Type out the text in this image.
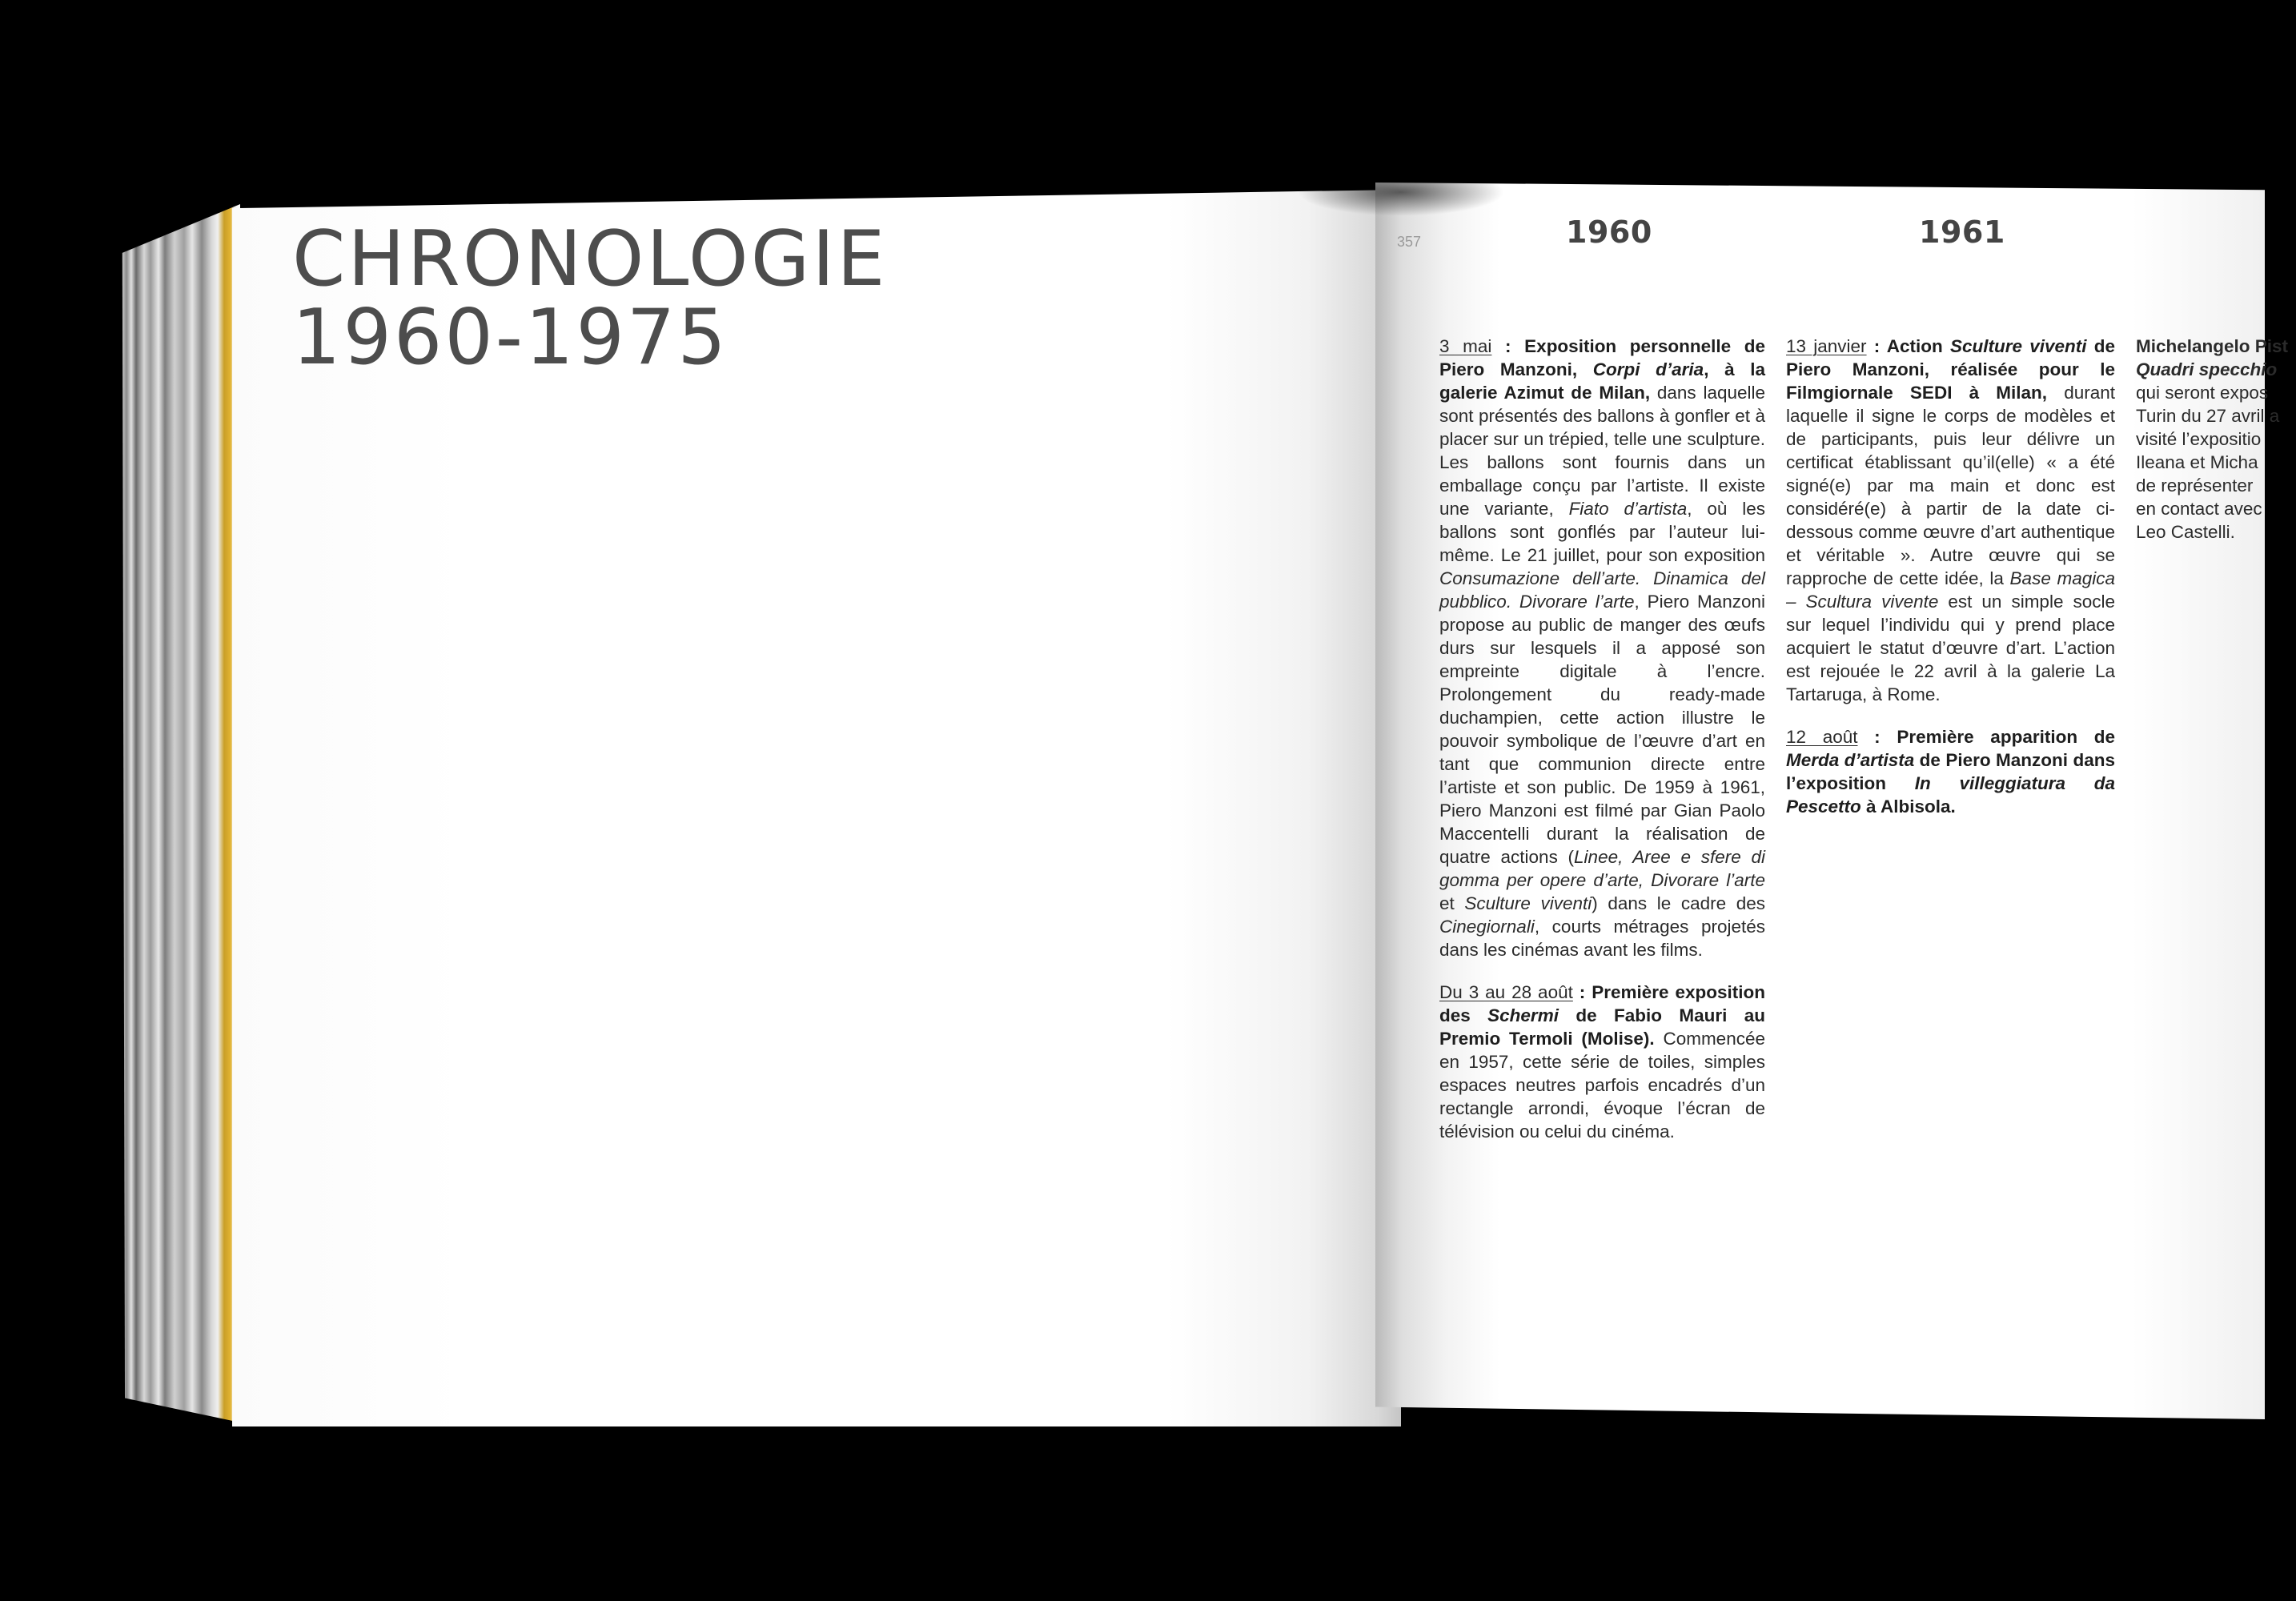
CHRONOLOGIE
1960-1975
357	1960	1961

3 mai : Exposition personnelle de Piero Manzoni, Corpi d’aria, à la galerie Azimut de Milan, dans laquelle sont présentés des ballons à gonfler et à placer sur un trépied, telle une sculpture. Les ballons sont fournis dans un emballage conçu par l’artiste. Il existe une variante, Fiato d’artista, où les ballons sont gonflés par l’auteur lui-même. Le 21 juillet, pour son exposition Consumazione dell’arte. Dinamica del pubblico. Divorare l’arte, Piero Manzoni propose au public de manger des œufs durs sur lesquels il a apposé son empreinte digitale à l’encre. Prolongement du ready-made duchampien, cette action illustre le pouvoir symbolique de l’œuvre d’art en tant que communion directe entre l’artiste et son public. De 1959 à 1961, Piero Manzoni est filmé par Gian Paolo Maccentelli durant la réalisation de quatre actions (Linee, Aree e sfere di gomma per opere d’arte, Divorare l’arte et Sculture viventi) dans le cadre des Cinegiornali, courts métrages projetés dans les cinémas avant les films.

Du 3 au 28 août : Première exposition des Schermi de Fabio Mauri au Premio Termoli (Molise). Commencée en 1957, cette série de toiles, simples espaces neutres parfois encadrés d’un rectangle arrondi, évoque l’écran de télévision ou celui du cinéma.

13 janvier : Action Sculture viventi de Piero Manzoni, réalisée pour le Filmgiornale SEDI à Milan, durant laquelle il signe le corps de modèles et de participants, puis leur délivre un certificat établissant qu’il(elle) « a été signé(e) par ma main et donc est considéré(e) à partir de la date ci-dessous comme œuvre d’art authentique et véritable ». Autre œuvre qui se rapproche de cette idée, la Base magica – Scultura vivente est un simple socle sur lequel l’individu qui y prend place acquiert le statut d’œuvre d’art. L’action est rejouée le 22 avril à la galerie La Tartaruga, à Rome.

12 août : Première apparition de Merda d’artista de Piero Manzoni dans l’exposition In villeggiatura da Pescetto à Albisola.

Michelangelo Pist
Quadri specchio
qui seront expos
Turin du 27 avril a
visité l’expositio
Ileana et Micha
de représenter
en contact avec
Leo Castelli.
